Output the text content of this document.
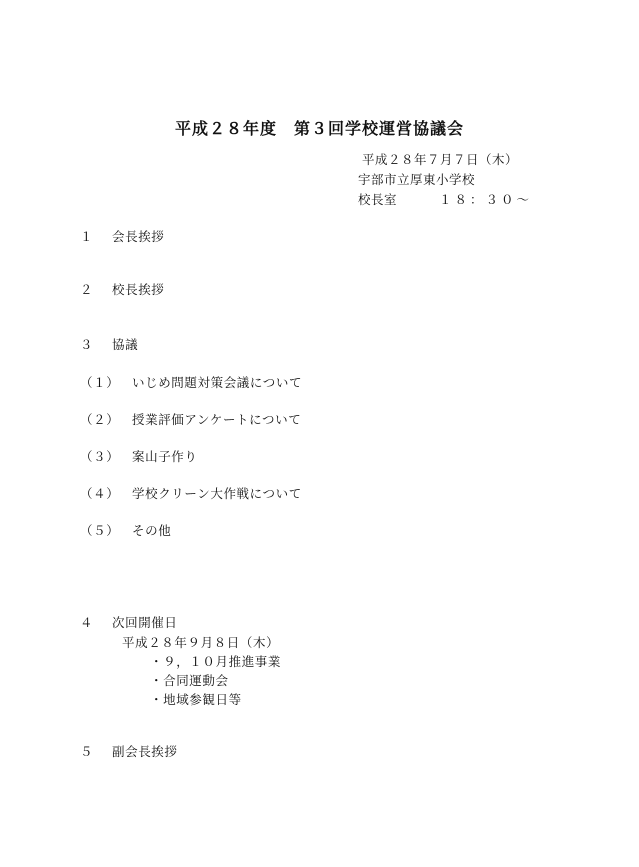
平成２８年度　第３回学校運営協議会
平成２８年７月７日（木）
宇部市立厚東小学校
校長室	１８：３０～
１ 会長挨拶
２ 校長挨拶
３ 協議
（１） いじめ問題対策会議について
（２） 授業評価アンケートについて
（３） 案山子作り
（４） 学校クリーン大作戦について
（５） その他
４ 次回開催日
平成２８年９月８日（木）
・９，１０月推進事業
・合同運動会
・地域参観日等
５ 副会長挨拶
